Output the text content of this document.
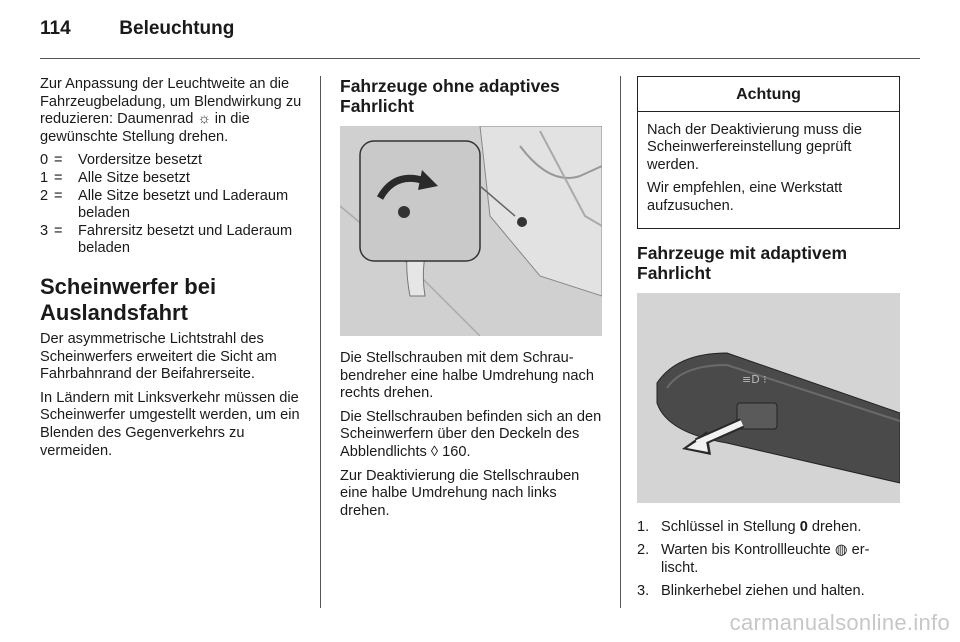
114	Beleuchtung

Zur Anpassung der Leuchtweite an die Fahrzeugbeladung, um Blendwirkung zu reduzieren: Daumenrad ☼ in die gewünschte Stellung drehen.

0 =	Vordersitze besetzt
1 =	Alle Sitze besetzt
2 =	Alle Sitze besetzt und Laderaum beladen
3 =	Fahrersitz besetzt und Laderaum beladen
Scheinwerfer bei Auslandsfahrt

Der asymmetrische Lichtstrahl des Scheinwerfers erweitert die Sicht am Fahrbahnrand der Beifahrerseite.

In Ländern mit Linksverkehr müssen die Scheinwerfer umgestellt werden, um ein Blenden des Gegenverkehrs zu vermeiden.

Fahrzeuge ohne adaptives Fahrlicht

Die Stellschrauben mit dem Schraubendreher eine halbe Umdrehung nach rechts drehen.

Die Stellschrauben befinden sich an den Scheinwerfern über den Deckeln des Abblendlichts ◊ 160.

Zur Deaktivierung die Stellschrauben eine halbe Umdrehung nach links drehen.

Achtung

Nach der Deaktivierung muss die Scheinwerfereinstellung geprüft werden.

Wir empfehlen, eine Werkstatt aufzusuchen.

Fahrzeuge mit adaptivem Fahrlicht
≡D ⁝
1. Schlüssel in Stellung 0 drehen.
2. Warten bis Kontrollleuchte ◍ erlischt.
3. Blinkerhebel ziehen und halten.
carmanualsonline.info
